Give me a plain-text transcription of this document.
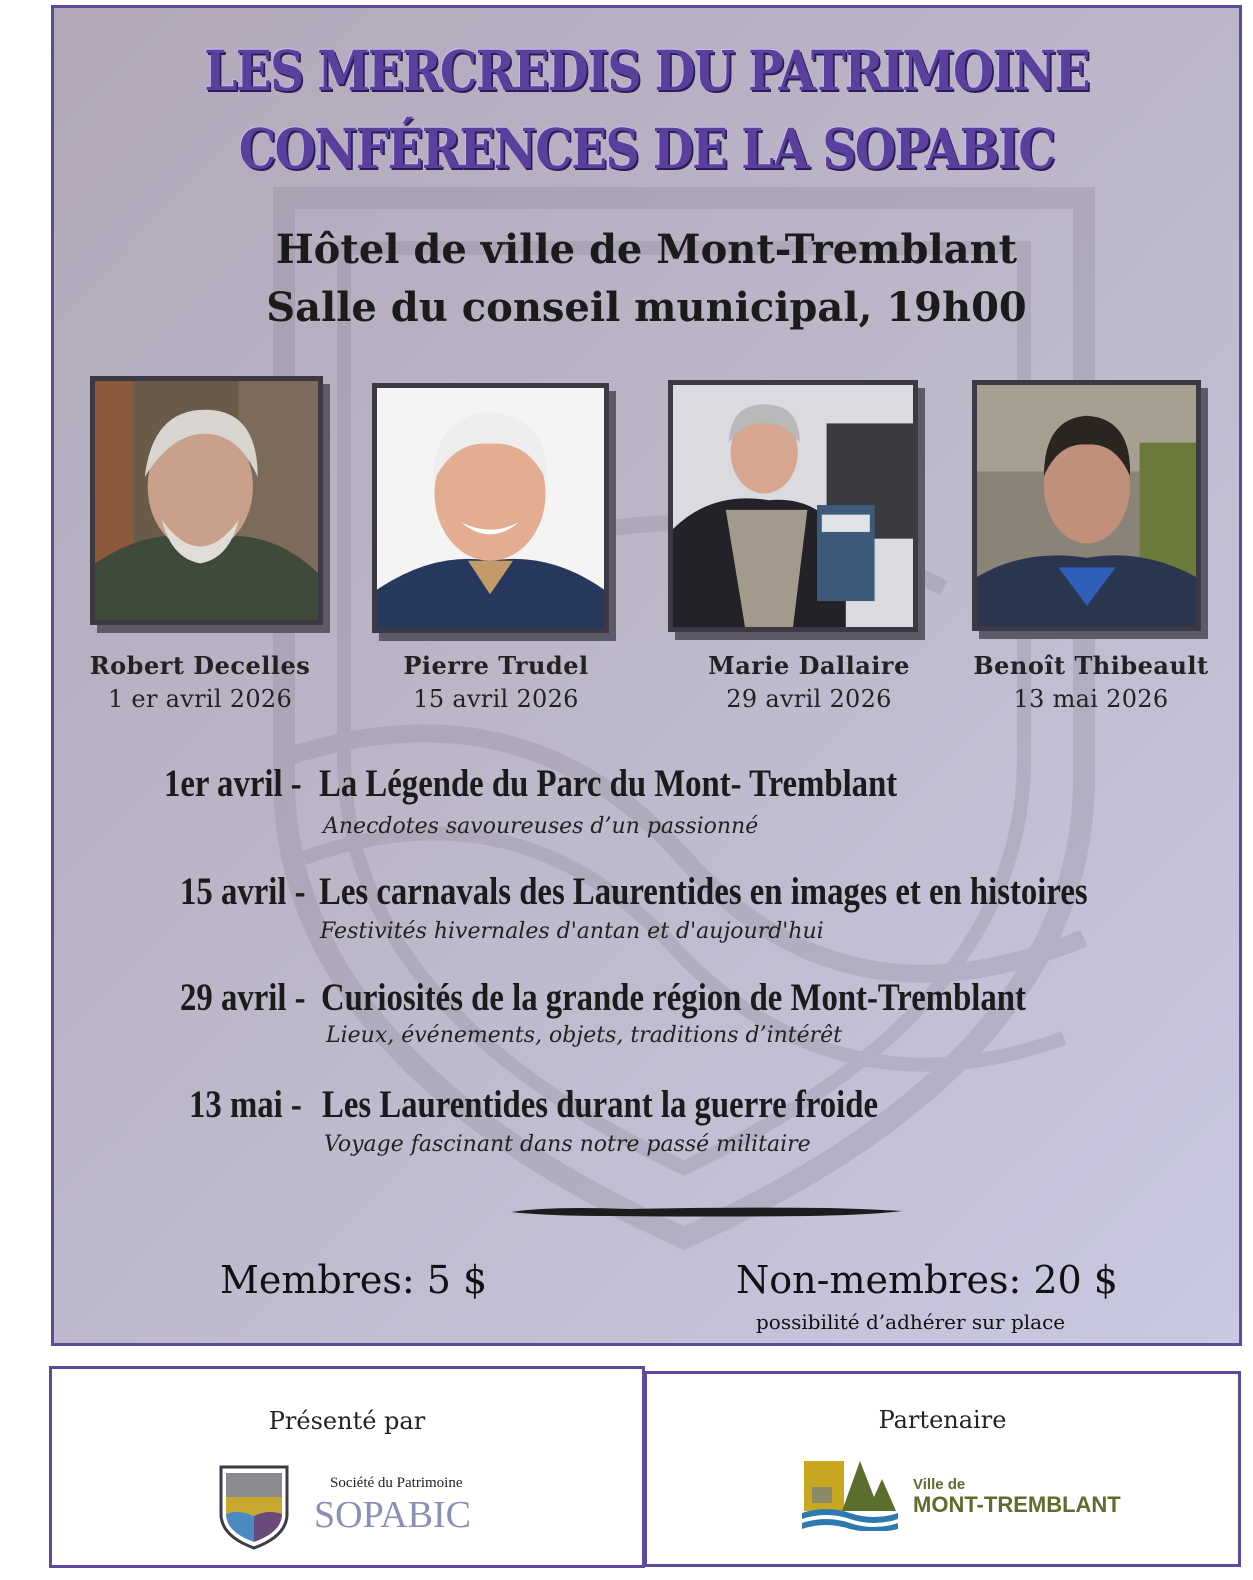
LES MERCREDIS DU PATRIMOINE
CONFÉRENCES DE LA SOPABIC
Hôtel de ville de Mont-Tremblant
Salle du conseil municipal, 19h00
Robert Decelles
1 er avril 2026
Pierre Trudel
15 avril 2026
Marie Dallaire
29 avril 2026
Benoît Thibeault
13 mai 2026
1er avril - La Légende du Parc du Mont- Tremblant
Anecdotes savoureuses d’un passionné
15 avril - Les carnavals des Laurentides en images et en histoires
Festivités hivernales d'antan et d'aujourd'hui
29 avril - Curiosités de la grande région de Mont-Tremblant
Lieux, événements, objets, traditions d’intérêt
13 mai - Les Laurentides durant la guerre froide
Voyage fascinant dans notre passé militaire
Membres: 5 $	Non-membres: 20 $
possibilité d’adhérer sur place
Présenté par
Société du Patrimoine
SOPABIC
Partenaire
Ville de
MONT-TREMBLANT
